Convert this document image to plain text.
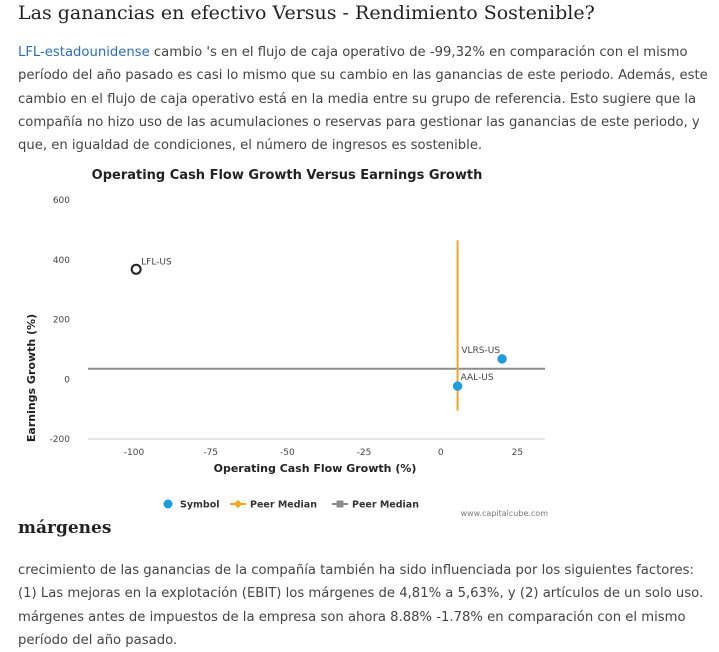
Las ganancias en efectivo Versus - Rendimiento Sostenible?

LFL-estadounidense cambio 's en el flujo de caja operativo de -99,32% en comparación con el mismo período del año pasado es casi lo mismo que su cambio en las ganancias de este periodo. Además, este cambio en el flujo de caja operativo está en la media entre su grupo de referencia. Esto sugiere que la compañía no hizo uso de las acumulaciones o reservas para gestionar las ganancias de este periodo, y que, en igualdad de condiciones, el número de ingresos es sostenible.

Operating Cash Flow Growth Versus Earnings Growth
600
400
200
0
-200
-100	-75	-50	-25	0	25
LFL-US
VLRS-US
AAL-US
Earnings Growth (%)
Operating Cash Flow Growth (%)
Symbol	Peer Median	Peer Median
www.capitalcube.com
márgenes

crecimiento de las ganancias de la compañía también ha sido influenciada por los siguientes factores: (1) Las mejoras en la explotación (EBIT) los márgenes de 4,81% a 5,63%, y (2) artículos de un solo uso. márgenes antes de impuestos de la empresa son ahora 8.88% -1.78% en comparación con el mismo período del año pasado.
